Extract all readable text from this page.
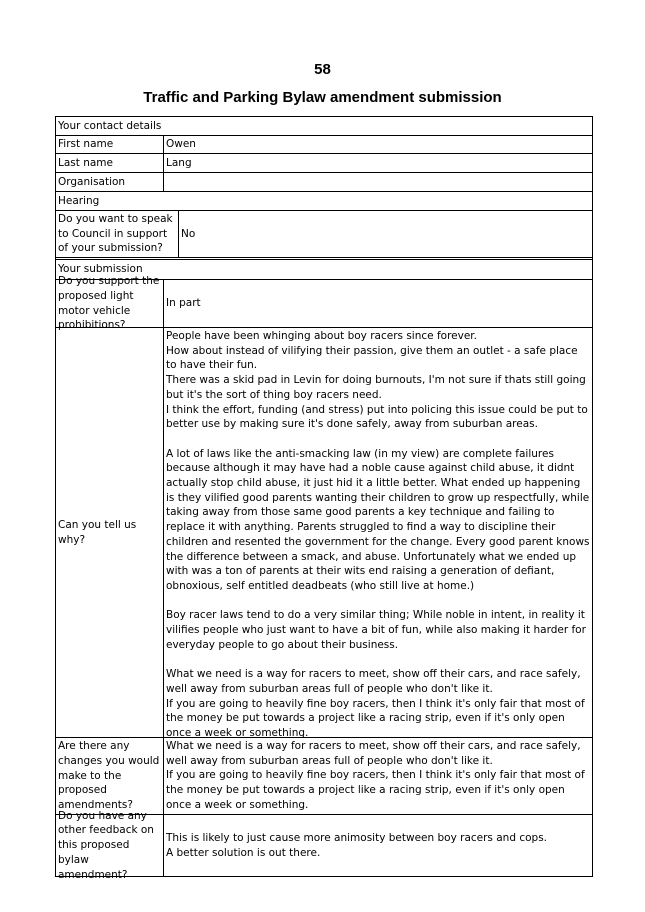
58
Traffic and Parking Bylaw amendment submission
Your contact details
First name	Owen
Last name	Lang
Organisation
Hearing
Do you want to speak to Council in support of your submission?
No
Your submission
Do you support the proposed light motor vehicle prohibitions?
In part
Can you tell us why?
People have been whinging about boy racers since forever.
How about instead of vilifying their passion, give them an outlet - a safe place to have their fun.
There was a skid pad in Levin for doing burnouts, I'm not sure if thats still going but it's the sort of thing boy racers need.
I think the effort, funding (and stress) put into policing this issue could be put to better use by making sure it's done safely, away from suburban areas.
A lot of laws like the anti-smacking law (in my view) are complete failures because although it may have had a noble cause against child abuse, it didnt actually stop child abuse, it just hid it a little better. What ended up happening is they vilified good parents wanting their children to grow up respectfully, while taking away from those same good parents a key technique and failing to replace it with anything. Parents struggled to find a way to discipline their children and resented the government for the change. Every good parent knows the difference between a smack, and abuse. Unfortunately what we ended up with was a ton of parents at their wits end raising a generation of defiant, obnoxious, self entitled deadbeats (who still live at home.)
Boy racer laws tend to do a very similar thing; While noble in intent, in reality it vilifies people who just want to have a bit of fun, while also making it harder for everyday people to go about their business.
What we need is a way for racers to meet, show off their cars, and race safely, well away from suburban areas full of people who don't like it.
If you are going to heavily fine boy racers, then I think it's only fair that most of the money be put towards a project like a racing strip, even if it's only open once a week or something.
Are there any changes you would make to the proposed amendments?
What we need is a way for racers to meet, show off their cars, and race safely, well away from suburban areas full of people who don't like it.
If you are going to heavily fine boy racers, then I think it's only fair that most of the money be put towards a project like a racing strip, even if it's only open once a week or something.
Do you have any other feedback on this proposed bylaw amendment?
This is likely to just cause more animosity between boy racers and cops.
A better solution is out there.
